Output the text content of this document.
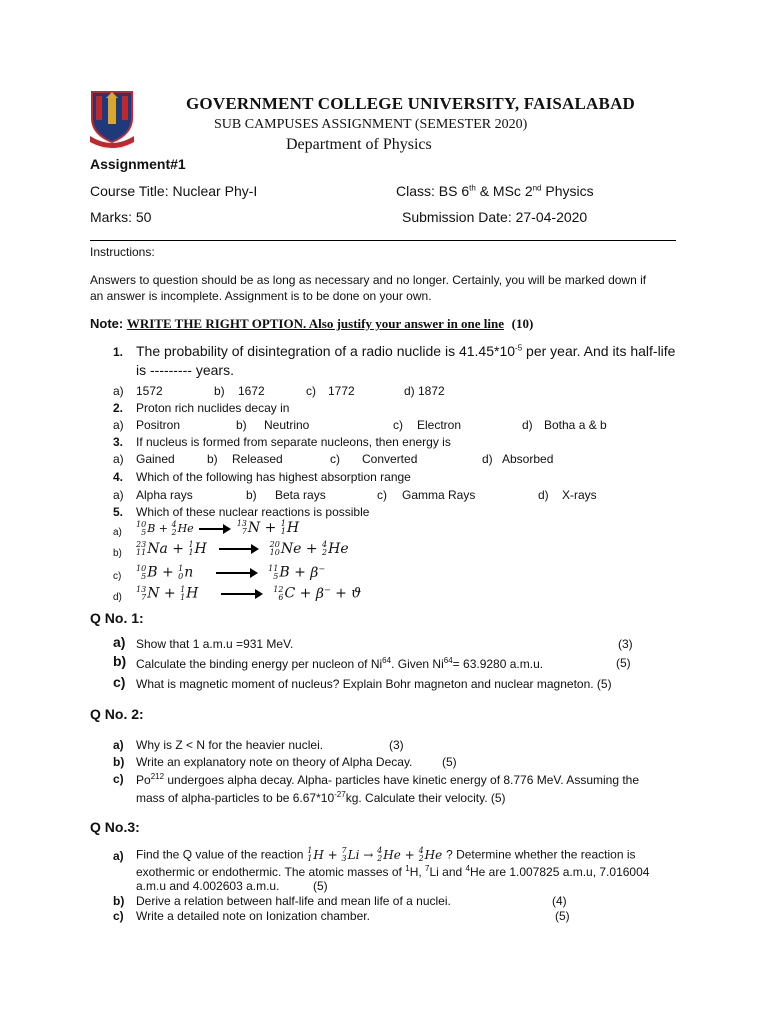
GOVERNMENT COLLEGE UNIVERSITY, FAISALABAD
SUB CAMPUSES ASSIGNMENT (SEMESTER 2020)
Department of Physics
Assignment#1
Course Title: Nuclear Phy-I	Class: BS 6th & MSc 2nd Physics
Marks: 50	Submission Date: 27-04-2020
Instructions:
Answers to question should be as long as necessary and no longer. Certainly, you will be marked down if
an answer is incomplete. Assignment is to be done on your own.
Note: WRITE THE RIGHT OPTION. Also justify your answer in one line (10)
1. The probability of disintegration of a radio nuclide is $41.45*10^{-5}$ per year. And its half-life
is --------- years.
a) 1572	b) 1672	c) 1772	d) 1872
2. Proton rich nuclides decay in
a) Positron	b) Neutrino	c) Electron	d) Botha a & b
3. If nucleus is formed from separate nucleons, then energy is
a) Gained	b) Released	c) Converted	d) Absorbed
4. Which of the following has highest absorption range
a) Alpha rays	b) Beta rays	c) Gamma Rays	d) X-rays
5. Which of these nuclear reactions is possible
a)
10
5 B + 4
2 He	13
7 N + 1
1 H
b)
23
11 Na + 1
1 H	20
10 Ne + 4
2 He
c)
10
5 B + 1
0 n	11
5 B + β−
d)
13
7 N + 1
1 H	12
6 C + β− + ϑ
Q No. 1:
a) Show that 1 a.m.u =931 MeV.	(3)
b) Calculate the binding energy per nucleon of Ni$^{64}$. Given $Ni^{64}= 63.9280$ a.m.u.	(5)
c) What is magnetic moment of nucleus? Explain Bohr magneton and nuclear magneton. (5)
Q No. 2:
a) Why is Z < N for the heavier nuclei.	(3)
b) Write an explanatory note on theory of Alpha Decay. (5)
c) Po$^{212}$ undergoes alpha decay. Alpha- particles have kinetic energy of 8.776 MeV. Assuming the
mass of alpha-particles to be $6.67*10^{-27}kg$. Calculate their velocity. (5)
Q No.3:
a) Find the Q value of the reaction 1
1 H + 7
3 Li → 4
2 He + 4
2 He ? Determine whether the reaction is
exothermic or endothermic. The atomic masses of $^1$H, $^7$Li and $^4$He are 1.007825 a.m.u, 7.016004
a.m.u and 4.002603 a.m.u.	(5)
b) Derive a relation between half-life and mean life of a nuclei.	(4)
c) Write a detailed note on Ionization chamber.	(5)
